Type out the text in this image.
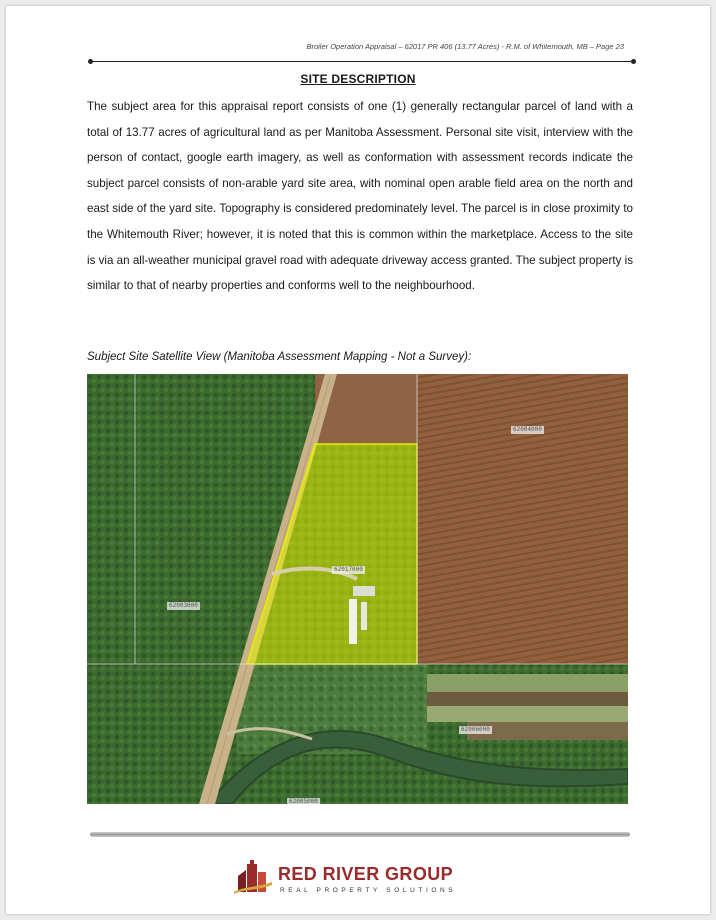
Broiler Operation Appraisal – 62017 PR 406 (13.77 Acres) - R.M. of Whitemouth, MB – Page 23
SITE DESCRIPTION

The subject area for this appraisal report consists of one (1) generally rectangular parcel of land with a total of 13.77 acres of agricultural land as per Manitoba Assessment. Personal site visit, interview with the person of contact, google earth imagery, as well as conformation with assessment records indicate the subject parcel consists of non-arable yard site area, with nominal open arable field area on the north and east side of the yard site. Topography is considered predominately level. The parcel is in close proximity to the Whitemouth River; however, it is noted that this is common within the marketplace. Access to the site is via an all-weather municipal gravel road with adequate driveway access granted. The subject property is similar to that of nearby properties and conforms well to the neighbourhood.

Subject Site Satellite View (Manitoba Assessment Mapping - Not a Survey):
62004000
62017000
62003000
62006000
62005000
RED RIVER GROUP
REAL PROPERTY SOLUTIONS
